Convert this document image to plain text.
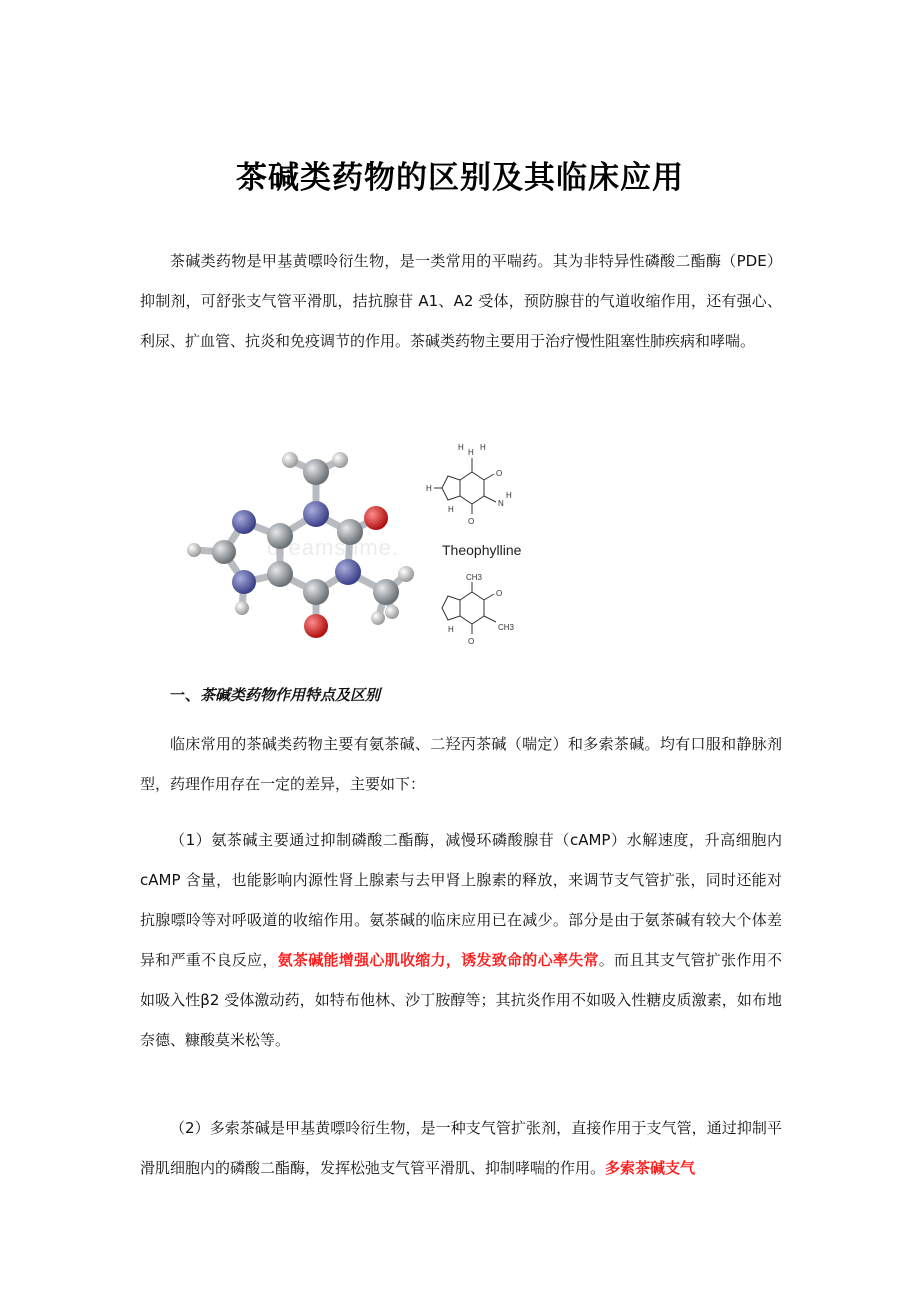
茶碱类药物的区别及其临床应用
茶碱类药物是甲基黄嘌呤衍生物，是一类常用的平喘药。其为非特异性磷酸二酯酶（PDE）抑制剂，可舒张支气管平滑肌，拮抗腺苷 A1、A2 受体，预防腺苷的气道收缩作用，还有强心、利尿、扩血管、抗炎和免疫调节的作用。茶碱类药物主要用于治疗慢性阻塞性肺疾病和哮喘。
dreamstime.
H
H H
O
N
H
O
H
H
CH3
O
CH3
O
H
Theophylline
一、茶碱类药物作用特点及区别
临床常用的茶碱类药物主要有氨茶碱、二羟丙茶碱（喘定）和多索茶碱。均有口服和静脉剂型，药理作用存在一定的差异，主要如下：
（1）氨茶碱主要通过抑制磷酸二酯酶，减慢环磷酸腺苷（cAMP）水解速度，升高细胞内 cAMP 含量，也能影响内源性肾上腺素与去甲肾上腺素的释放，来调节支气管扩张，同时还能对抗腺嘌呤等对呼吸道的收缩作用。氨茶碱的临床应用已在减少。部分是由于氨茶碱有较大个体差异和严重不良反应，氨茶碱能增强心肌收缩力，诱发致命的心率失常。而且其支气管扩张作用不如吸入性β2 受体激动药，如特布他林、沙丁胺醇等；其抗炎作用不如吸入性糖皮质激素，如布地奈德、糠酸莫米松等。
（2）多索茶碱是甲基黄嘌呤衍生物，是一种支气管扩张剂，直接作用于支气管，通过抑制平滑肌细胞内的磷酸二酯酶，发挥松弛支气管平滑肌、抑制哮喘的作用。多索茶碱支气
